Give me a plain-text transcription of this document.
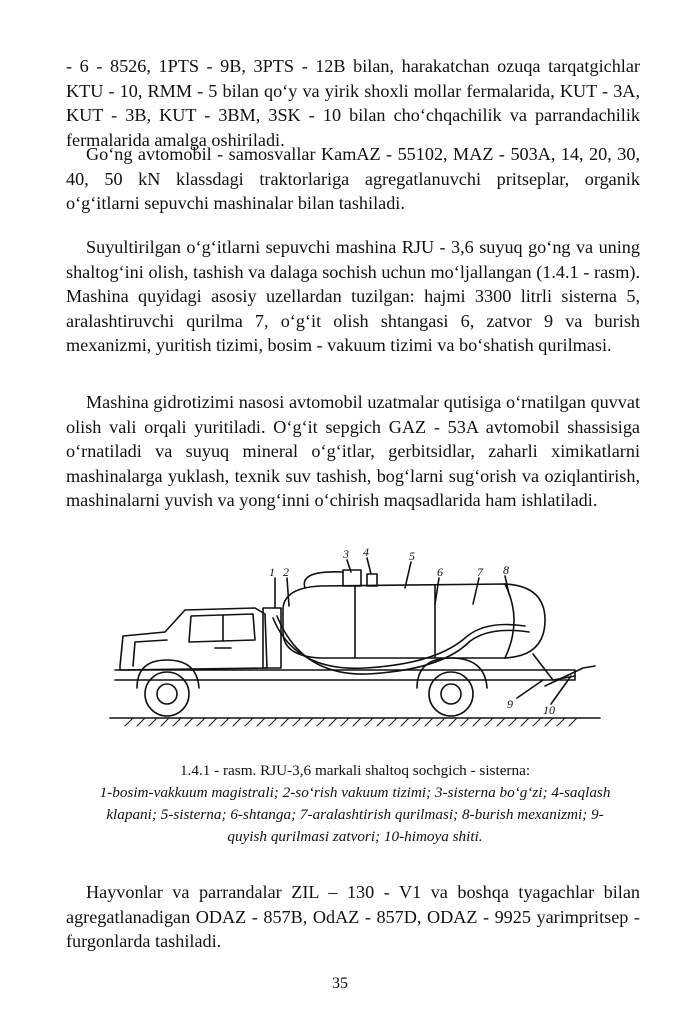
- 6 - 8526, 1PTS - 9B, 3PTS - 12B bilan, harakatchan ozuqa tarqatgichlar KTU - 10, RMM - 5 bilan qo‘y va yirik shoxli mollar fermalarida, KUT - 3A, KUT - 3B, KUT - 3BM, 3SK - 10 bilan cho‘chqachilik va parrandachilik fermalarida amalga oshiriladi.

Go‘ng avtomobil - samosvallar KamAZ - 55102, MAZ - 503A, 14, 20, 30, 40, 50 kN klassdagi traktorlariga agregatlanuvchi pritseplar, organik o‘g‘itlarni sepuvchi mashinalar bilan tashiladi.

Suyultirilgan o‘g‘itlarni sepuvchi mashina RJU - 3,6 suyuq go‘ng va uning shaltog‘ini olish, tashish va dalaga sochish uchun mo‘ljallangan (1.4.1 - rasm). Mashina quyidagi asosiy uzellardan tuzilgan: hajmi 3300 litrli sisterna 5, aralashtiruvchi qurilma 7, o‘g‘it olish shtangasi 6, zatvor 9 va burish mexanizmi, yuritish tizimi, bosim - vakuum tizimi va bo‘shatish qurilmasi.

Mashina gidrotizimi nasosi avtomobil uzatmalar qutisiga o‘rnatilgan quvvat olish vali orqali yuritiladi. O‘g‘it sepgich GAZ - 53A avtomobil shassisiga o‘rnatiladi va suyuq mineral o‘g‘itlar, gerbitsidlar, zaharli ximikatlarni mashinalarga yuklash, texnik suv tashish, bog‘larni sug‘orish va oziqlantirish, mashinalarni yuvish va yong‘inni o‘chirish maqsadlarida ham ishlatiladi.

1 2
3 4	5
6	7 8
9	10
1.4.1 - rasm. RJU-3,6 markali shaltoq sochgich - sisterna:
1-bosim-vakkuum magistrali; 2-so‘rish vakuum tizimi; 3-sisterna bo‘g‘zi; 4-saqlash klapani; 5-sisterna; 6-shtanga; 7-aralashtirish qurilmasi; 8-burish mexanizmi; 9-quyish qurilmasi zatvori; 10-himoya shiti.

Hayvonlar va parrandalar ZIL – 130 - V1 va boshqa tyagachlar bilan agregatlanadigan ODAZ - 857B, OdAZ - 857D, ODAZ - 9925 yarimpritsep - furgonlarda tashiladi.

35
